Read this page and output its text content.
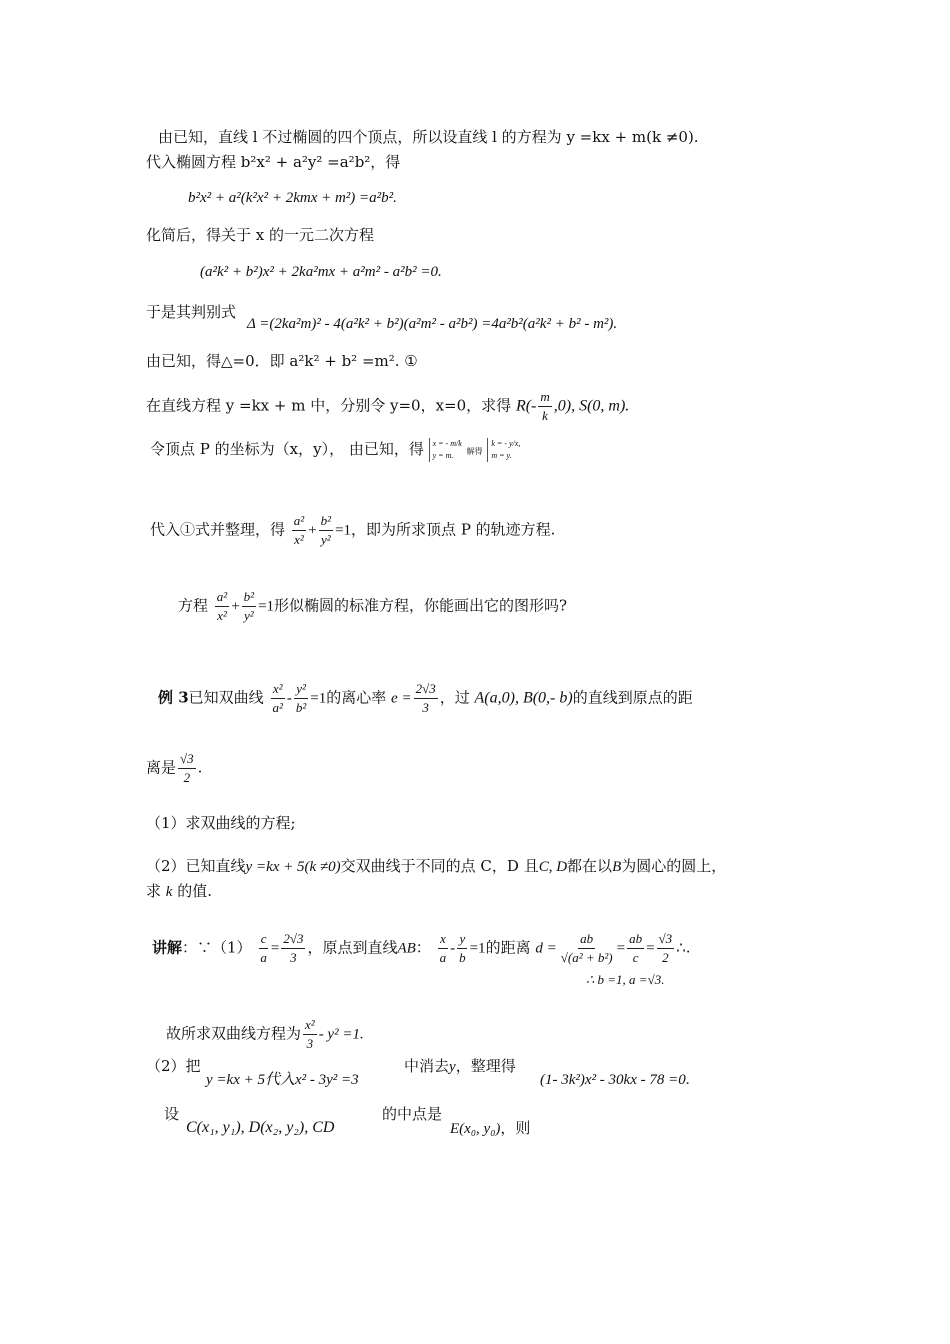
由已知，直线 l 不过椭圆的四个顶点，所以设直线 l 的方程为 y =kx + m(k ≠0).
代入椭圆方程 b²x² + a²y² =a²b²，得
b²x² + a²(k²x² + 2kmx + m²) =a²b².
化简后，得关于 x 的一元二次方程
(a²k² + b²)x² + 2ka²mx + a²m² - a²b² =0.
于是其判别式
Δ =(2ka²m)² - 4(a²k² + b²)(a²m² - a²b²) =4a²b²(a²k² + b² - m²).
由已知，得△=0．即 a²k² + b² =m². ①
在直线方程 y =kx + m 中，分别令 y=0，x=0，求得 $R(- \frac{m}{k} ,0)$, S(0, m).
令顶点 P 的坐标为（x，y）， 由已知，得 x = - m/k
y = m. 解得 k = - y/x,
m = y.
代入①式并整理，得 $\frac{\text{a²}}{\text{x²}} + \frac{\text{b²}}{\text{y²}} =1$，即为所求顶点 P 的轨迹方程.
方程 $\frac{\text{a²}}{\text{x²}} + \frac{\text{b²}}{\text{y²}} =1$形似椭圆的标准方程，你能画出它的图形吗?
例 3已知双曲线 $\frac{\text{x²}}{\text{a²}} - \frac{\text{y²}}{\text{b²}} =1$的离心率 $e = \frac{2√3}{3}$ ，过 A(a,0), B(0,- b)的直线到原点的距
离是 $\frac{√3}{2}$ .
（1）求双曲线的方程;
（2）已知直线y =kx + 5(k ≠0)交双曲线于不同的点 C，D 且C, D都在以B为圆心的圆上，
求 k 的值.
讲解：∵（1） $\frac{c}{a} = \frac{2√3}{3}$ ，原点到直线AB： $\frac{x}{a} - \frac{y}{b} =1$的距离 $d = \frac{ab}{\text{√(a² + b²)}} = \frac{ab}{c} = \frac{√3}{2}$ ∴.
∴ b =1, a =√3.
故所求双曲线方程为 $\frac{\text{x²}}{3} - y^2 =1$.
（2）把
y =kx + 5代入x² - 3y² =3
中消去y，整理得
(1- 3k²)x² - 30kx - 78 =0.
设
C(x₁, y₁), D(x₂, y₂), CD
的中点是
E(x₀, y₀)，则
